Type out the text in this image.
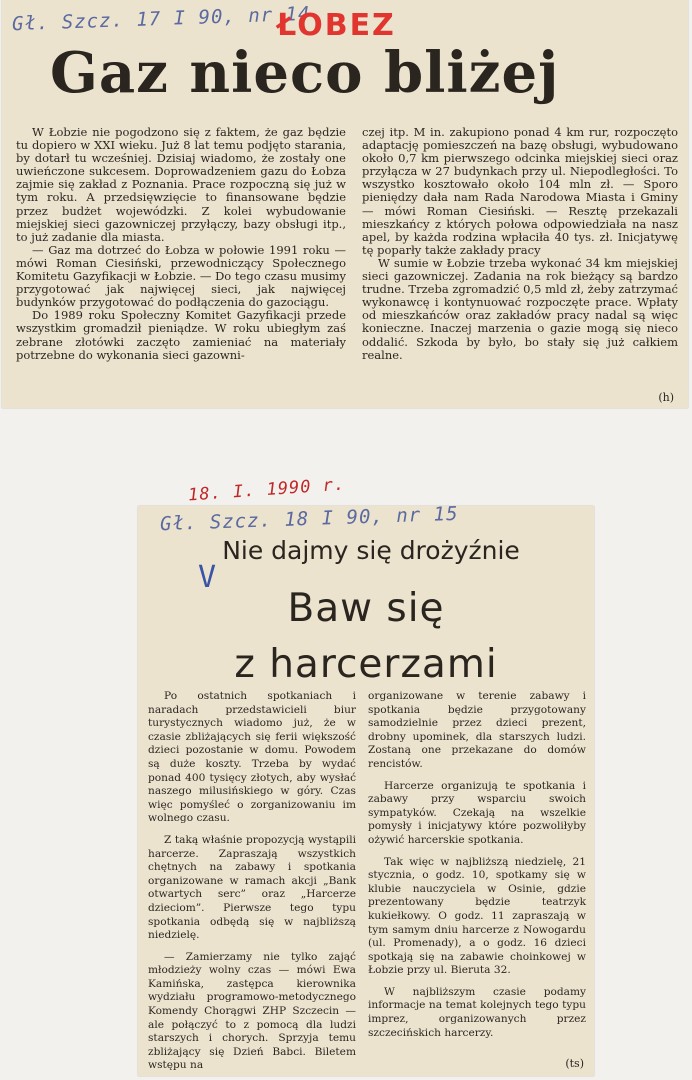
Gł. Szcz. 17 I 90, nr 14
ŁOBEZ
Gaz nieco bliżej

W Łobzie nie pogodzono się z faktem, że gaz będzie tu dopiero w XXI wieku. Już 8 lat temu podjęto starania, by dotarł tu wcześniej. Dzisiaj wiadomo, że zostały one uwieńczone sukcesem. Doprowadzeniem gazu do Łobza zajmie się zakład z Poznania. Prace rozpoczną się już w tym roku. A przedsięwzięcie to finansowane będzie przez budżet wojewódzki. Z kolei wybudowanie miejskiej sieci gazowniczej przyłączy, bazy obsługi itp., to już zadanie dla miasta.

— Gaz ma dotrzeć do Łobza w połowie 1991 roku — mówi Roman Ciesiński, przewodniczący Społecznego Komitetu Gazyfikacji w Łobzie. — Do tego czasu musimy przygotować jak najwięcej sieci, jak najwięcej budynków przygotować do podłączenia do gazociągu.

Do 1989 roku Społeczny Komitet Gazyfikacji przede wszystkim gromadził pieniądze. W roku ubiegłym zaś zebrane złotówki zaczęto zamieniać na materiały potrzebne do wykonania sieci gazowni-

czej itp. M in. zakupiono ponad 4 km rur, rozpoczęto adaptację pomieszczeń na bazę obsługi, wybudowano około 0,7 km pierwszego odcinka miejskiej sieci oraz przyłącza w 27 budynkach przy ul. Niepodległości. To wszystko kosztowało około 104 mln zł. — Sporo pieniędzy dała nam Rada Narodowa Miasta i Gminy — mówi Roman Ciesiński. — Resztę przekazali mieszkańcy z których połowa odpowiedziała na nasz apel, by każda rodzina wpłaciła 40 tys. zł. Inicjatywę tę poparły także zakłady pracy

W sumie w Łobzie trzeba wykonać 34 km miejskiej sieci gazowniczej. Zadania na rok bieżący są bardzo trudne. Trzeba zgromadzić 0,5 mld zł, żeby zatrzymać wykonawcę i kontynuować rozpoczęte prace. Wpłaty od mieszkańców oraz zakładów pracy nadal są więc konieczne. Inaczej marzenia o gazie mogą się nieco oddalić. Szkoda by było, bo stały się już całkiem realne.

(h)
18. I. 1990 r.
Gł. Szcz. 18 I 90, nr 15
V
Nie dajmy się drożyźnie
Baw się
z harcerzami

Po ostatnich spotkaniach i naradach przedstawicieli biur turystycznych wiadomo już, że w czasie zbliżających się ferii większość dzieci pozostanie w domu. Powodem są duże koszty. Trzeba by wydać ponad 400 tysięcy złotych, aby wysłać naszego milusińskiego w góry. Czas więc pomyśleć o zorganizowaniu im wolnego czasu.

Z taką właśnie propozycją wystąpili harcerze. Zapraszają wszystkich chętnych na zabawy i spotkania organizowane w ramach akcji „Bank otwartych serc” oraz „Harcerze dzieciom”. Pierwsze tego typu spotkania odbędą się w najbliższą niedzielę.

— Zamierzamy nie tylko zająć młodzieży wolny czas — mówi Ewa Kamińska, zastępca kierownika wydziału programowo-metodycznego Komendy Chorągwi ZHP Szczecin — ale połączyć to z pomocą dla ludzi starszych i chorych. Sprzyja temu zbliżający się Dzień Babci. Biletem wstępu na

organizowane w terenie zabawy i spotkania będzie przygotowany samodzielnie przez dzieci prezent, drobny upominek, dla starszych ludzi. Zostaną one przekazane do domów rencistów.

Harcerze organizują te spotkania i zabawy przy wsparciu swoich sympatyków. Czekają na wszelkie pomysły i inicjatywy które pozwoliłyby ożywić harcerskie spotkania.

Tak więc w najbliższą niedzielę, 21 stycznia, o godz. 10, spotkamy się w klubie nauczyciela w Osinie, gdzie prezentowany będzie teatrzyk kukiełkowy. O godz. 11 zapraszają w tym samym dniu harcerze z Nowogardu (ul. Promenady), a o godz. 16 dzieci spotkają się na zabawie choinkowej w Łobzie przy ul. Bieruta 32.

W najbliższym czasie podamy informacje na temat kolejnych tego typu imprez, organizowanych przez szczecińskich harcerzy.

(ts)
